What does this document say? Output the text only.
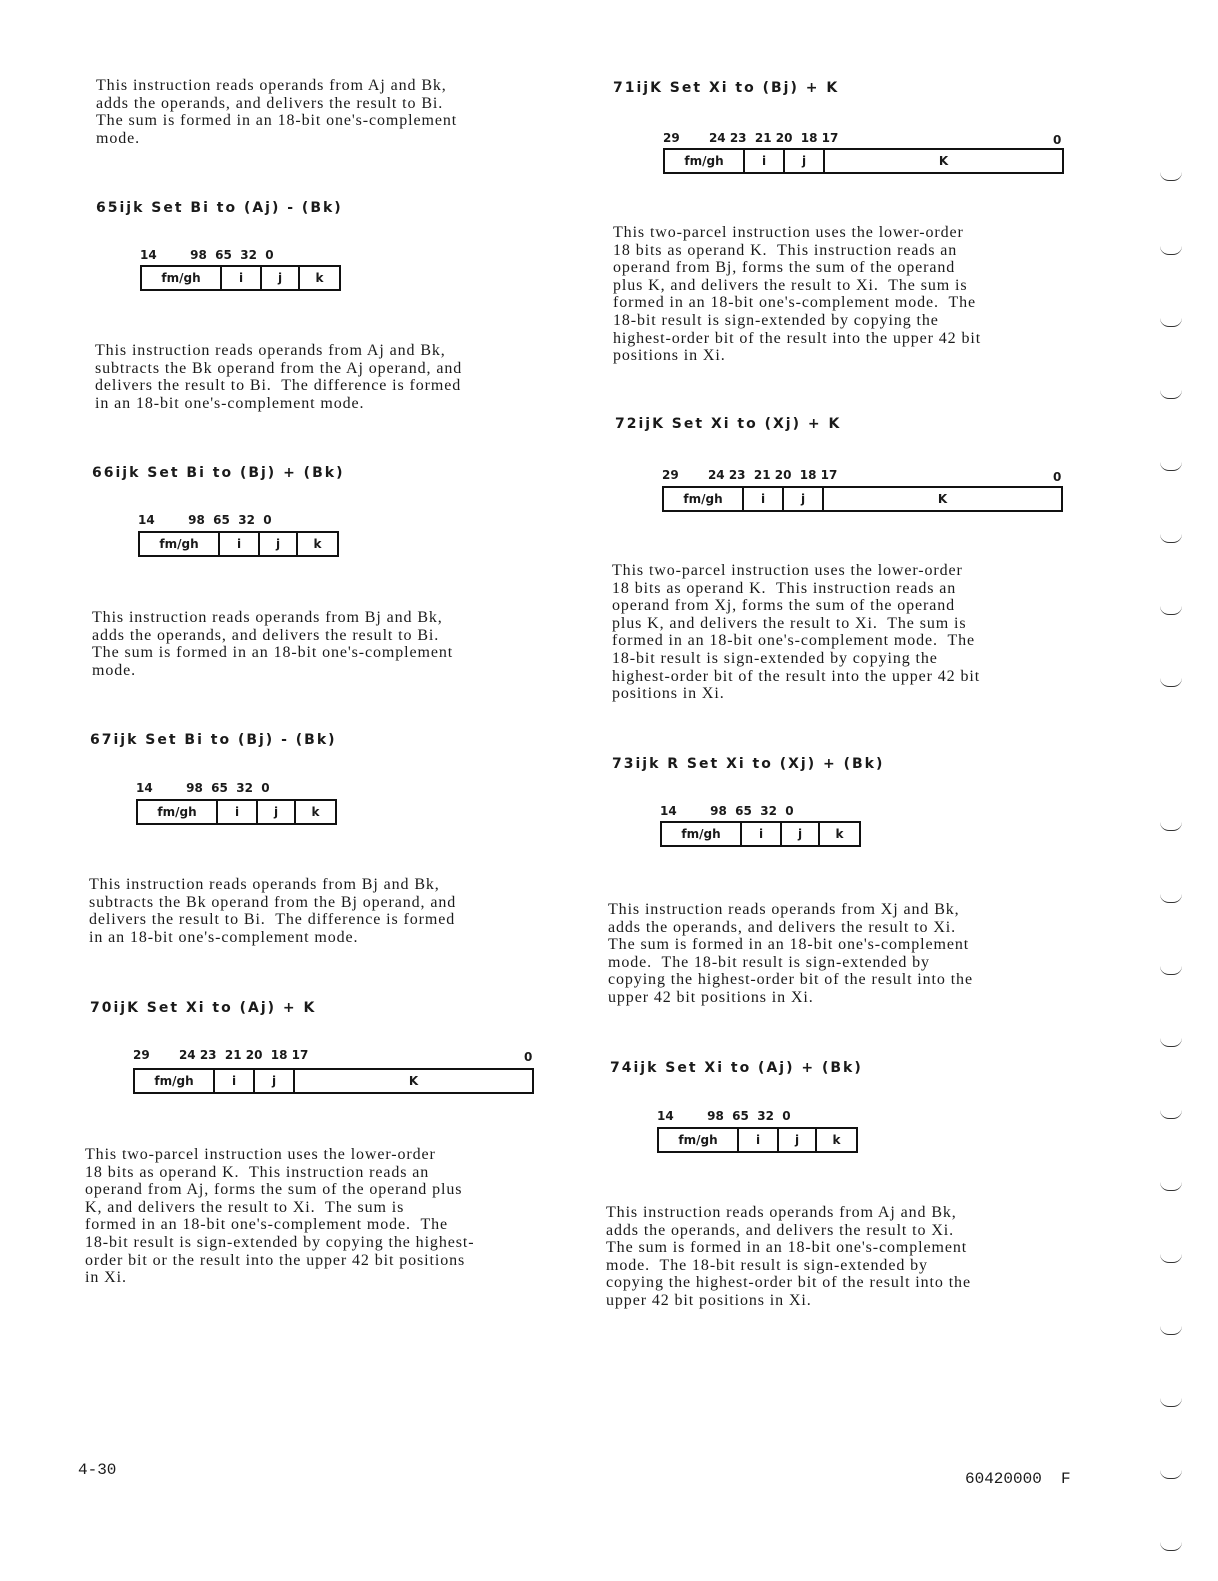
This instruction reads operands from Aj and Bk,
adds the operands, and delivers the result to Bi.
The sum is formed in an 18-bit one's-complement
mode.

65ijk Set Bi to (Aj) - (Bk)
14        98  65  32  0
fm/gh	i	j	k

This instruction reads operands from Aj and Bk,
subtracts the Bk operand from the Aj operand, and
delivers the result to Bi.  The difference is formed
in an 18-bit one's-complement mode.

66ijk Set Bi to (Bj) + (Bk)
14        98  65  32  0
fm/gh	i	j	k

This instruction reads operands from Bj and Bk,
adds the operands, and delivers the result to Bi.
The sum is formed in an 18-bit one's-complement
mode.

67ijk Set Bi to (Bj) - (Bk)
14        98  65  32  0
fm/gh	i	j	k

This instruction reads operands from Bj and Bk,
subtracts the Bk operand from the Bj operand, and
delivers the result to Bi.  The difference is formed
in an 18-bit one's-complement mode.

70ijK Set Xi to (Aj) + K
29       24 23  21 20  18 17	0
fm/gh	i	j	K

This two-parcel instruction uses the lower-order
18 bits as operand K.  This instruction reads an
operand from Aj, forms the sum of the operand plus
K, and delivers the result to Xi.  The sum is
formed in an 18-bit one's-complement mode.  The
18-bit result is sign-extended by copying the highest-
order bit or the result into the upper 42 bit positions
in Xi.

71ijK Set Xi to (Bj) + K
29       24 23  21 20  18 17	0
fm/gh	i	j	K

This two-parcel instruction uses the lower-order
18 bits as operand K.  This instruction reads an
operand from Bj, forms the sum of the operand
plus K, and delivers the result to Xi.  The sum is
formed in an 18-bit one's-complement mode.  The
18-bit result is sign-extended by copying the
highest-order bit of the result into the upper 42 bit
positions in Xi.

72ijK Set Xi to (Xj) + K
29       24 23  21 20  18 17	0
fm/gh	i	j	K

This two-parcel instruction uses the lower-order
18 bits as operand K.  This instruction reads an
operand from Xj, forms the sum of the operand
plus K, and delivers the result to Xi.  The sum is
formed in an 18-bit one's-complement mode.  The
18-bit result is sign-extended by copying the
highest-order bit of the result into the upper 42 bit
positions in Xi.

73ijk R Set Xi to (Xj) + (Bk)
14        98  65  32  0
fm/gh	i	j	k

This instruction reads operands from Xj and Bk,
adds the operands, and delivers the result to Xi.
The sum is formed in an 18-bit one's-complement
mode.  The 18-bit result is sign-extended by
copying the highest-order bit of the result into the
upper 42 bit positions in Xi.

74ijk Set Xi to (Aj) + (Bk)
14        98  65  32  0
fm/gh	i	j	k

This instruction reads operands from Aj and Bk,
adds the operands, and delivers the result to Xi.
The sum is formed in an 18-bit one's-complement
mode.  The 18-bit result is sign-extended by
copying the highest-order bit of the result into the
upper 42 bit positions in Xi.

4-30	60420000  F
